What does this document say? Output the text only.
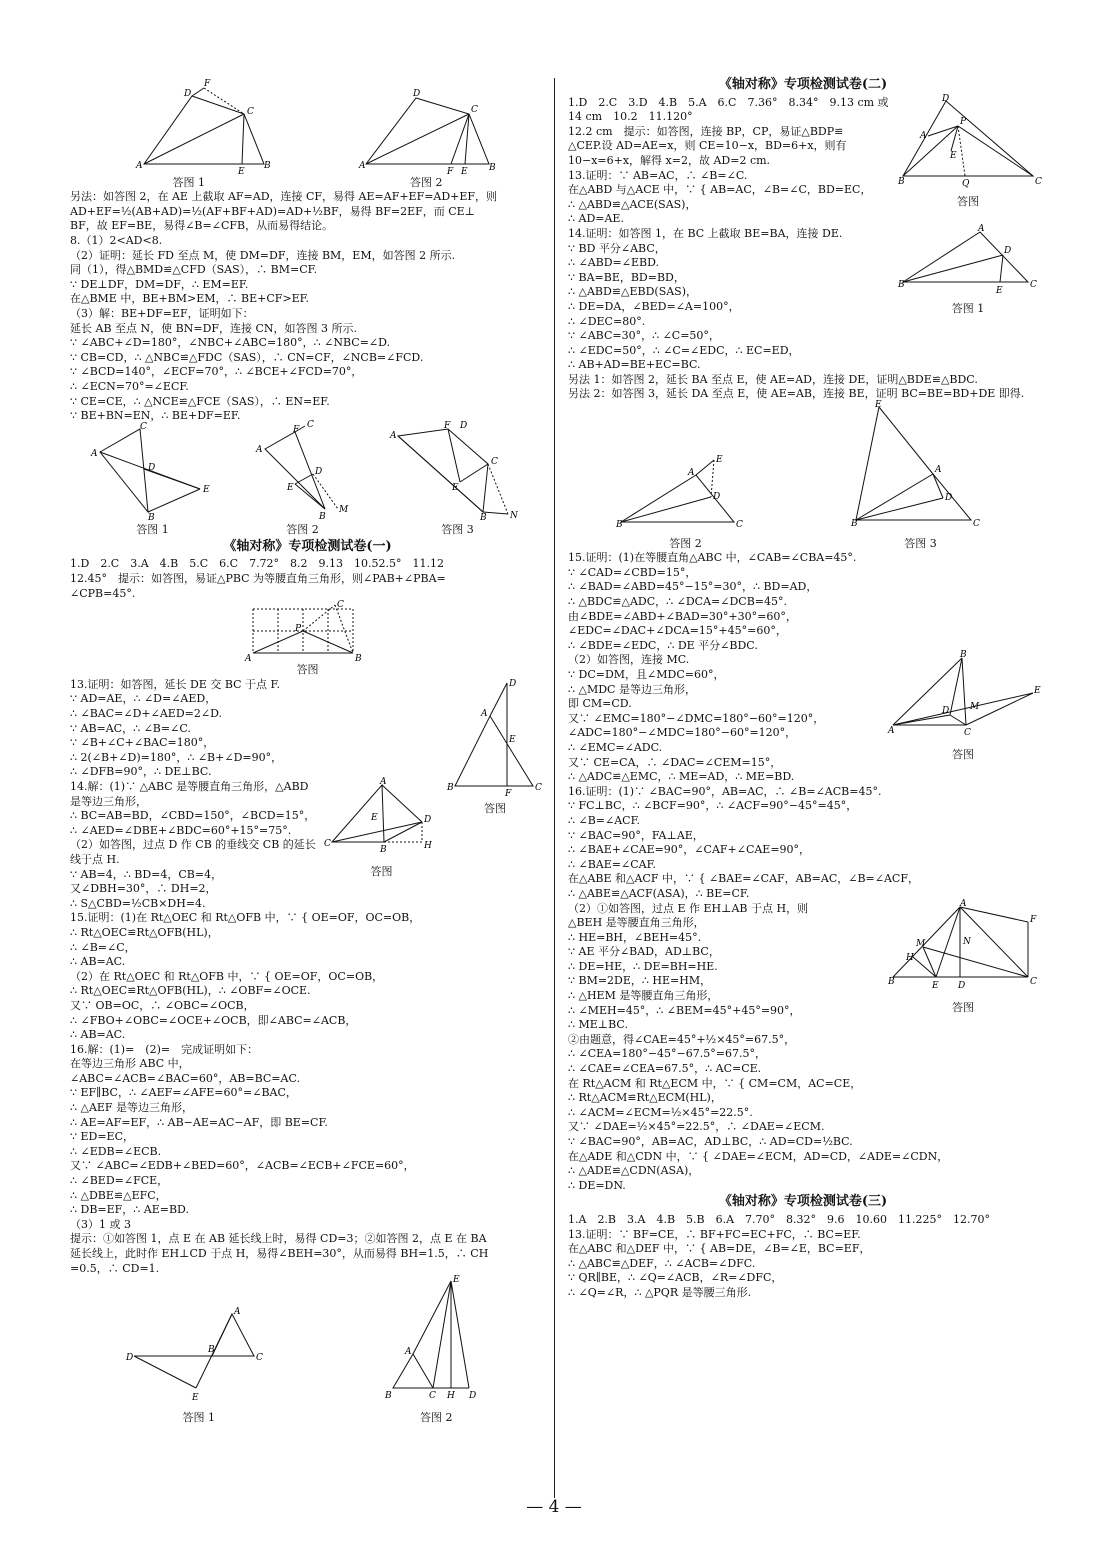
A
D
F
C
E
B
答图 1
A
D
C
F E B
答图 2
另法：如答图 2，在 AE 上截取 AF=AD，连接 CF，易得 AE=AF+EF=AD+EF，则
AD+EF=½(AB+AD)=½(AF+BF+AD)=AD+½BF，易得 BF=2EF，而 CE⊥
BF，故 EF=BE，易得∠B=∠CFB，从而易得结论。
8.（1）2<AD<8.
（2）证明：延长 FD 至点 M，使 DM=DF，连接 BM，EM，如答图 2 所示.
同（1），得△BMD≌△CFD（SAS），∴ BM=CF.
∵ DE⊥DF，DM=DF，∴ EM=EF.
在△BME 中，BE+BM>EM，∴ BE+CF>EF.
（3）解：BE+DF=EF，证明如下：
延长 AB 至点 N，使 BN=DF，连接 CN，如答图 3 所示.
∵ ∠ABC+∠D=180°，∠NBC+∠ABC=180°，∴ ∠NBC=∠D.
∵ CB=CD，∴ △NBC≌△FDC（SAS），∴ CN=CF，∠NCB=∠FCD.
∵ ∠BCD=140°，∠ECF=70°，∴ ∠BCE+∠FCD=70°，
∴ ∠ECN=70°=∠ECF.
∵ CE=CE，∴ △NCE≌△FCE（SAS），∴ EN=EF.
∵ BE+BN=EN，∴ BE+DF=EF.
A
C
D
E
B
答图 1
A
F C
D
E
B
M
答图 2
A
F D
C
E
B	N
答图 3
《轴对称》专项检测试卷(一)
1.D　2.C　3.A　4.B　5.C　6.C　7.72°　8.2　9.13　10.52.5°　11.12
12.45°　提示：如答图，易证△PBC 为等腰直角三角形，则∠PAB+∠PBA=
∠CPB=45°.
A	B
P
C
答图
B
A
D
E
F
C
答图
13.证明：如答图，延长 DE 交 BC 于点 F.
∵ AD=AE，∴ ∠D=∠AED，
∴ ∠BAC=∠D+∠AED=2∠D.
∵ AB=AC，∴ ∠B=∠C.
∵ ∠B+∠C+∠BAC=180°，
∴ 2(∠B+∠D)=180°，∴ ∠B+∠D=90°，
∴ ∠DFB=90°，∴ DE⊥BC.
C
A
E
B
D
H
答图
14.解：(1)∵ △ABC 是等腰直角三角形，△ABD 是等边三角形，
∴ BC=AB=BD，∠CBD=150°，∠BCD=15°，
∴ ∠AED=∠DBE+∠BDC=60°+15°=75°.
（2）如答图，过点 D 作 CB 的垂线交 CB 的延长线于点 H.
∵ AB=4，∴ BD=4，CB=4，
又∠DBH=30°，∴ DH=2，
∴ S△CBD=½CB×DH=4.
15.证明：(1)在 Rt△OEC 和 Rt△OFB 中，∵ { OE=OF，OC=OB，
∴ Rt△OEC≌Rt△OFB(HL)，
∴ ∠B=∠C，
∴ AB=AC.
（2）在 Rt△OEC 和 Rt△OFB 中，∵ { OE=OF，OC=OB，
∴ Rt△OEC≌Rt△OFB(HL)，∴ ∠OBF=∠OCE.
又∵ OB=OC，∴ ∠OBC=∠OCB，
∴ ∠FBO+∠OBC=∠OCE+∠OCB，即∠ABC=∠ACB，
∴ AB=AC.
16.解：(1)=　(2)=　完成证明如下：
在等边三角形 ABC 中，
∠ABC=∠ACB=∠BAC=60°，AB=BC=AC.
∵ EF∥BC，∴ ∠AEF=∠AFE=60°=∠BAC，
∴ △AEF 是等边三角形，
∴ AE=AF=EF，∴ AB−AE=AC−AF，即 BE=CF.
∵ ED=EC，
∴ ∠EDB=∠ECB.
又∵ ∠ABC=∠EDB+∠BED=60°，∠ACB=∠ECB+∠FCE=60°，
∴ ∠BED=∠FCE，
∴ △DBE≌△EFC，
∴ DB=EF，∴ AE=BD.
（3）1 或 3
提示：①如答图 1，点 E 在 AB 延长线上时，易得 CD=3；②如答图 2，点 E 在 BA
延长线上，此时作 EH⊥CD 于点 H，易得∠BEH=30°，从而易得 BH=1.5，∴ CH
=0.5，∴ CD=1.
D
A
B
C
E
答图 1
B
A
C H D
E
答图 2
《轴对称》专项检测试卷(二)
B
D
A
P
E
Q	C
答图
1.D　2.C　3.D　4.B　5.A　6.C　7.36°　8.34°　9.13 cm 或 14 cm　10.2　11.120°
12.2 cm　提示：如答图，连接 BP，CP，易证△BDP≌
△CEP.设 AD=AE=x，则 CE=10−x，BD=6+x，则有
10−x=6+x，解得 x=2，故 AD=2 cm.
13.证明：∵ AB=AC，∴ ∠B=∠C.
在△ABD 与△ACE 中，∵ { AB=AC，∠B=∠C，BD=EC，
∴ △ABD≌△ACE(SAS)，
∴ AD=AE.
B
A
D
E
C
答图 1
14.证明：如答图 1，在 BC 上截取 BE=BA，连接 DE.
∵ BD 平分∠ABC，
∴ ∠ABD=∠EBD.
∵ BA=BE，BD=BD，
∴ △ABD≌△EBD(SAS)，
∴ DE=DA，∠BED=∠A=100°，
∴ ∠DEC=80°.
∵ ∠ABC=30°，∴ ∠C=50°，
∴ ∠EDC=50°，∴ ∠C=∠EDC，∴ EC=ED，
∴ AB+AD=BE+EC=BC.
另法 1：如答图 2，延长 BA 至点 E，使 AE=AD，连接 DE，证明△BDE≌△BDC.
另法 2：如答图 3，延长 DA 至点 E，使 AE=AB，连接 BE，证明 BC=BE=BD+DE 即得.
B
A
E
D
C
答图 2
B
E
A
D
C
答图 3
15.证明：(1)在等腰直角△ABC 中，∠CAB=∠CBA=45°.
∵ ∠CAD=∠CBD=15°，
∴ ∠BAD=∠ABD=45°−15°=30°，∴ BD=AD，
∴ △BDC≌△ADC，∴ ∠DCA=∠DCB=45°.
由∠BDE=∠ABD+∠BAD=30°+30°=60°，
∠EDC=∠DAC+∠DCA=15°+45°=60°，
∴ ∠BDE=∠EDC，∴ DE 平分∠BDC.
A
B
D M
C
E
答图
（2）如答图，连接 MC.
∵ DC=DM，且∠MDC=60°，
∴ △MDC 是等边三角形，
即 CM=CD.
又∵ ∠EMC=180°−∠DMC=180°−60°=120°，
∠ADC=180°−∠MDC=180°−60°=120°，
∴ ∠EMC=∠ADC.
又∵ CE=CA，∴ ∠DAC=∠CEM=15°，
∴ △ADC≌△EMC，∴ ME=AD，∴ ME=BD.
16.证明：(1)∵ ∠BAC=90°，AB=AC，∴ ∠B=∠ACB=45°.
∵ FC⊥BC，∴ ∠BCF=90°，∴ ∠ACF=90°−45°=45°，
∴ ∠B=∠ACF.
∵ ∠BAC=90°，FA⊥AE，
∴ ∠BAE+∠CAE=90°，∠CAF+∠CAE=90°，
∴ ∠BAE=∠CAF.
在△ABE 和△ACF 中，∵ { ∠BAE=∠CAF，AB=AC，∠B=∠ACF，
∴ △ABE≌△ACF(ASA)，∴ BE=CF.
B
A
F
M
H
N
E D	C
答图
（2）①如答图，过点 E 作 EH⊥AB 于点 H，则
△BEH 是等腰直角三角形，
∴ HE=BH，∠BEH=45°.
∵ AE 平分∠BAD，AD⊥BC，
∴ DE=HE，∴ DE=BH=HE.
∵ BM=2DE，∴ HE=HM，
∴ △HEM 是等腰直角三角形，
∴ ∠MEH=45°，∴ ∠BEM=45°+45°=90°，
∴ ME⊥BC.
②由题意，得∠CAE=45°+½×45°=67.5°，
∴ ∠CEA=180°−45°−67.5°=67.5°，
∴ ∠CAE=∠CEA=67.5°，∴ AC=CE.
在 Rt△ACM 和 Rt△ECM 中，∵ { CM=CM，AC=CE，
∴ Rt△ACM≌Rt△ECM(HL)，
∴ ∠ACM=∠ECM=½×45°=22.5°.
又∵ ∠DAE=½×45°=22.5°，∴ ∠DAE=∠ECM.
∵ ∠BAC=90°，AB=AC，AD⊥BC，∴ AD=CD=½BC.
在△ADE 和△CDN 中，∵ { ∠DAE=∠ECM，AD=CD，∠ADE=∠CDN，
∴ △ADE≌△CDN(ASA)，
∴ DE=DN.
《轴对称》专项检测试卷(三)
1.A　2.B　3.A　4.B　5.B　6.A　7.70°　8.32°　9.6　10.60　11.225°　12.70°
13.证明：∵ BF=CE，∴ BF+FC=EC+FC，∴ BC=EF.
在△ABC 和△DEF 中，∵ { AB=DE，∠B=∠E，BC=EF，
∴ △ABC≌△DEF，∴ ∠ACB=∠DFC.
∵ QR∥BE，∴ ∠Q=∠ACB，∠R=∠DFC，
∴ ∠Q=∠R，∴ △PQR 是等腰三角形.
— 4 —
